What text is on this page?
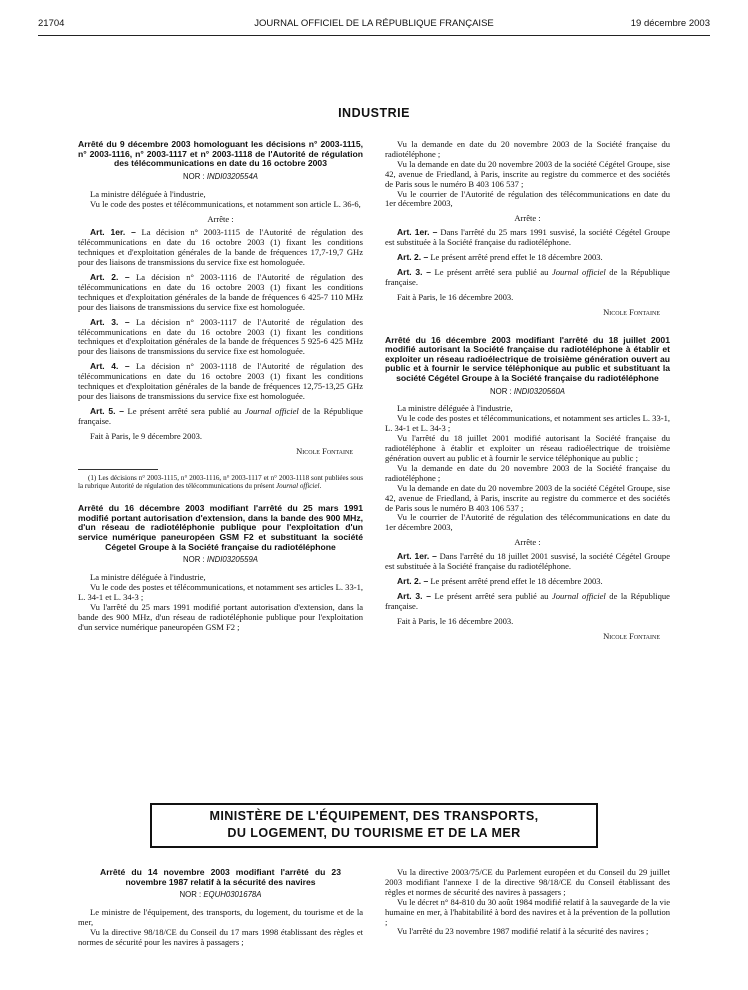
21704	JOURNAL OFFICIEL DE LA RÉPUBLIQUE FRANÇAISE	19 décembre 2003
INDUSTRIE
Arrêté du 9 décembre 2003 homologuant les décisions n° 2003-1115, n° 2003-1116, n° 2003-1117 et n° 2003-1118 de l'Autorité de régulation des télécommunications en date du 16 octobre 2003
NOR : INDI0320554A

La ministre déléguée à l'industrie,

Vu le code des postes et télécommunications, et notamment son article L. 36-6,

Arrête :

Art. 1er. – La décision n° 2003-1115 de l'Autorité de régulation des télécommunications en date du 16 octobre 2003 (1) fixant les conditions techniques et d'exploitation générales de la bande de fréquences 17,7-19,7 GHz pour des liaisons de transmissions du service fixe est homologuée.

Art. 2. – La décision n° 2003-1116 de l'Autorité de régulation des télécommunications en date du 16 octobre 2003 (1) fixant les conditions techniques et d'exploitation générales de la bande de fréquences 6 425-7 110 MHz pour des liaisons de transmissions du service fixe est homologuée.

Art. 3. – La décision n° 2003-1117 de l'Autorité de régulation des télécommunications en date du 16 octobre 2003 (1) fixant les conditions techniques et d'exploitation générales de la bande de fréquences 5 925-6 425 MHz pour des liaisons de transmissions du service fixe est homologuée.

Art. 4. – La décision n° 2003-1118 de l'Autorité de régulation des télécommunications en date du 16 octobre 2003 (1) fixant les conditions techniques et d'exploitation générales de la bande de fréquences 12,75-13,25 GHz pour des liaisons de transmissions du service fixe est homologuée.

Art. 5. – Le présent arrêté sera publié au Journal officiel de la République française.

Fait à Paris, le 9 décembre 2003.

Nicole Fontaine

(1) Les décisions n° 2003-1115, n° 2003-1116, n° 2003-1117 et n° 2003-1118 sont publiées sous la rubrique Autorité de régulation des télécommunications du présent Journal officiel.

Arrêté du 16 décembre 2003 modifiant l'arrêté du 25 mars 1991 modifié portant autorisation d'extension, dans la bande des 900 MHz, d'un réseau de radiotéléphonie publique pour l'exploitation d'un service numérique paneuropéen GSM F2 et substituant la société Cégetel Groupe à la Société française du radiotéléphone
NOR : INDI0320559A

La ministre déléguée à l'industrie,

Vu le code des postes et télécommunications, et notamment ses articles L. 33-1, L. 34-1 et L. 34-3 ;

Vu l'arrêté du 25 mars 1991 modifié portant autorisation d'extension, dans la bande des 900 MHz, d'un réseau de radiotéléphonie publique pour l'exploitation d'un service numérique paneuropéen GSM F2 ;

Vu la demande en date du 20 novembre 2003 de la Société française du radiotéléphone ;

Vu la demande en date du 20 novembre 2003 de la société Cégétel Groupe, sise 42, avenue de Friedland, à Paris, inscrite au registre du commerce et des sociétés de Paris sous le numéro B 403 106 537 ;

Vu le courrier de l'Autorité de régulation des télécommunications en date du 1er décembre 2003,

Arrête :

Art. 1er. – Dans l'arrêté du 25 mars 1991 susvisé, la société Cégétel Groupe est substituée à la Société française du radiotéléphone.

Art. 2. – Le présent arrêté prend effet le 18 décembre 2003.

Art. 3. – Le présent arrêté sera publié au Journal officiel de la République française.

Fait à Paris, le 16 décembre 2003.

Nicole Fontaine

Arrêté du 16 décembre 2003 modifiant l'arrêté du 18 juillet 2001 modifié autorisant la Société française du radiotéléphone à établir et exploiter un réseau radioélectrique de troisième génération ouvert au public et à fournir le service téléphonique au public et substituant la société Cégétel Groupe à la Société française du radiotéléphone
NOR : INDI0320560A

La ministre déléguée à l'industrie,

Vu le code des postes et télécommunications, et notamment ses articles L. 33-1, L. 34-1 et L. 34-3 ;

Vu l'arrêté du 18 juillet 2001 modifié autorisant la Société française du radiotéléphone à établir et exploiter un réseau radioélectrique de troisième génération ouvert au public et à fournir le service téléphonique au public ;

Vu la demande en date du 20 novembre 2003 de la Société française du radiotéléphone ;

Vu la demande en date du 20 novembre 2003 de la société Cégétel Groupe, sise 42, avenue de Friedland, à Paris, inscrite au registre du commerce et des sociétés de Paris sous le numéro B 403 106 537 ;

Vu le courrier de l'Autorité de régulation des télécommunications en date du 1er décembre 2003,

Arrête :

Art. 1er. – Dans l'arrêté du 18 juillet 2001 susvisé, la société Cégétel Groupe est substituée à la Société française du radiotéléphone.

Art. 2. – Le présent arrêté prend effet le 18 décembre 2003.

Art. 3. – Le présent arrêté sera publié au Journal officiel de la République française.

Fait à Paris, le 16 décembre 2003.

Nicole Fontaine

MINISTÈRE DE L'ÉQUIPEMENT, DES TRANSPORTS,
DU LOGEMENT, DU TOURISME ET DE LA MER
Arrêté du 14 novembre 2003 modifiant l'arrêté du 23 novembre 1987 relatif à la sécurité des navires
NOR : EQUH0301678A

Le ministre de l'équipement, des transports, du logement, du tourisme et de la mer,

Vu la directive 98/18/CE du Conseil du 17 mars 1998 établissant des règles et normes de sécurité pour les navires à passagers ;

Vu la directive 2003/75/CE du Parlement européen et du Conseil du 29 juillet 2003 modifiant l'annexe I de la directive 98/18/CE du Conseil établissant des règles et normes de sécurité des navires à passagers ;

Vu le décret n° 84-810 du 30 août 1984 modifié relatif à la sauvegarde de la vie humaine en mer, à l'habitabilité à bord des navires et à la prévention de la pollution ;

Vu l'arrêté du 23 novembre 1987 modifié relatif à la sécurité des navires ;
